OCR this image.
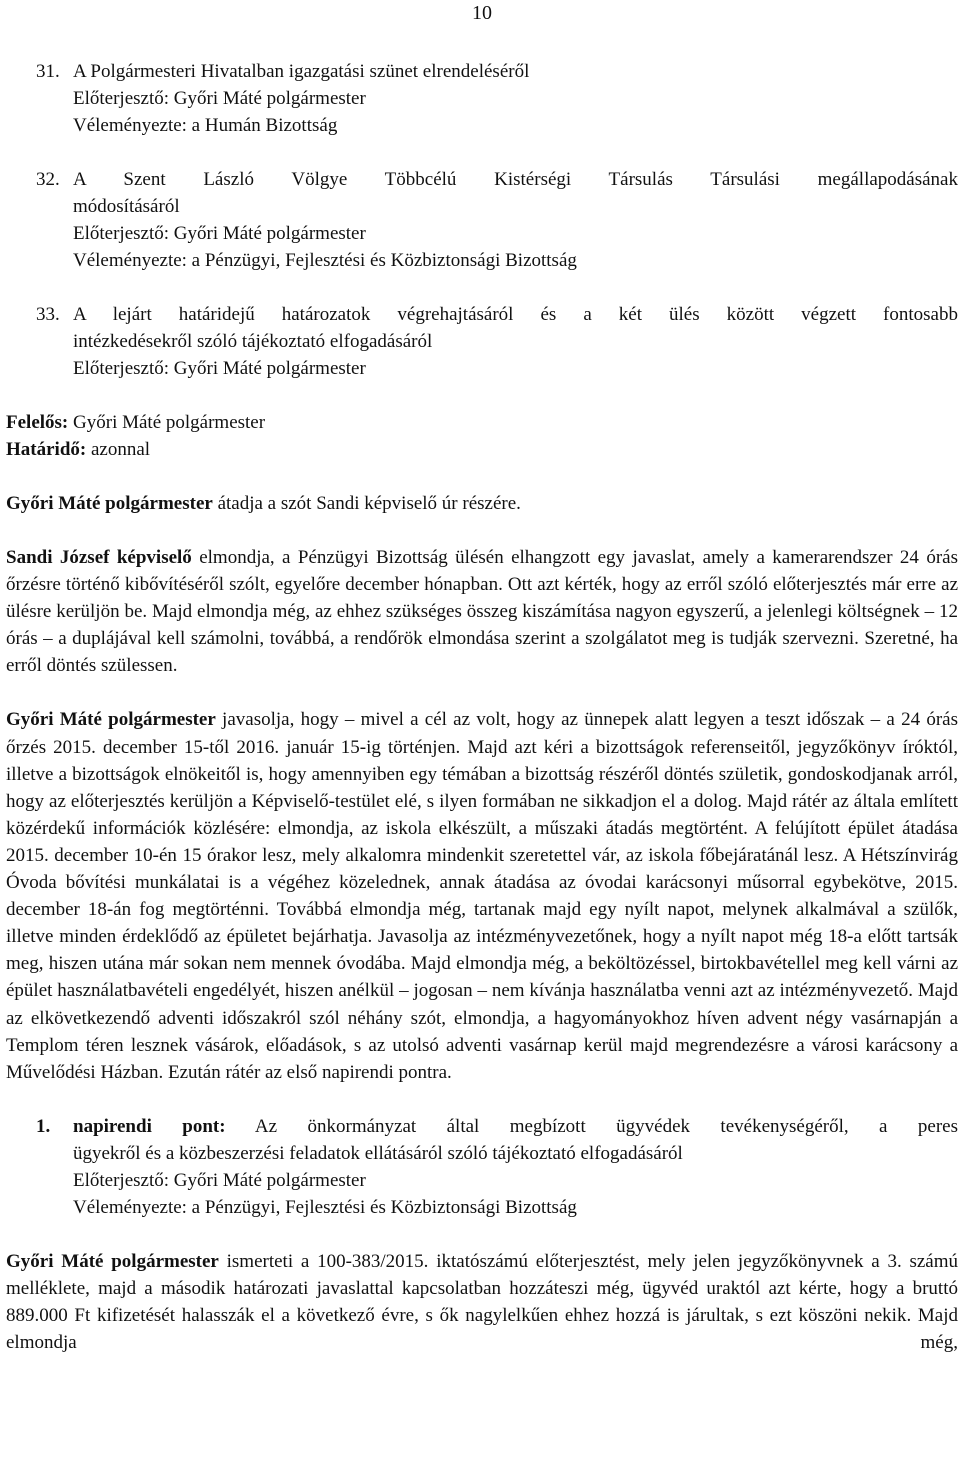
10
31. A Polgármesteri Hivatalban igazgatási szünet elrendeléséről
Előterjesztő: Győri Máté polgármester
Véleményezte: a Humán Bizottság
32. A Szent László Völgye Többcélú Kistérségi Társulás Társulási megállapodásának
módosításáról
Előterjesztő: Győri Máté polgármester
Véleményezte: a Pénzügyi, Fejlesztési és Közbiztonsági Bizottság
33. A lejárt határidejű határozatok végrehajtásáról és a két ülés között végzett fontosabb
intézkedésekről szóló tájékoztató elfogadásáról
Előterjesztő: Győri Máté polgármester
Felelős: Győri Máté polgármester
Határidő: azonnal
Győri Máté polgármester átadja a szót Sandi képviselő úr részére.
Sandi József képviselő elmondja, a Pénzügyi Bizottság ülésén elhangzott egy javaslat, amely a kamerarendszer 24 órás őrzésre történő kibővítéséről szólt, egyelőre december hónapban. Ott azt kérték, hogy az erről szóló előterjesztés már erre az ülésre kerüljön be. Majd elmondja még, az ehhez szükséges összeg kiszámítása nagyon egyszerű, a jelenlegi költségnek – 12 órás – a duplájával kell számolni, továbbá, a rendőrök elmondása szerint a szolgálatot meg is tudják szervezni. Szeretné, ha erről döntés szülessen.
Győri Máté polgármester javasolja, hogy – mivel a cél az volt, hogy az ünnepek alatt legyen a teszt időszak – a 24 órás őrzés 2015. december 15-től 2016. január 15-ig történjen. Majd azt kéri a bizottságok referenseitől, jegyzőkönyv íróktól, illetve a bizottságok elnökeitől is, hogy amennyiben egy témában a bizottság részéről döntés születik, gondoskodjanak arról, hogy az előterjesztés kerüljön a Képviselő-testület elé, s ilyen formában ne sikkadjon el a dolog. Majd rátér az általa említett közérdekű információk közlésére: elmondja, az iskola elkészült, a műszaki átadás megtörtént. A felújított épület átadása 2015. december 10-én 15 órakor lesz, mely alkalomra mindenkit szeretettel vár, az iskola főbejáratánál lesz. A Hétszínvirág Óvoda bővítési munkálatai is a végéhez közelednek, annak átadása az óvodai karácsonyi műsorral egybekötve, 2015. december 18-án fog megtörténni. Továbbá elmondja még, tartanak majd egy nyílt napot, melynek alkalmával a szülők, illetve minden érdeklődő az épületet bejárhatja. Javasolja az intézményvezetőnek, hogy a nyílt napot még 18-a előtt tartsák meg, hiszen utána már sokan nem mennek óvodába. Majd elmondja még, a beköltözéssel, birtokbavétellel meg kell várni az épület használatbavételi engedélyét, hiszen anélkül – jogosan – nem kívánja használatba venni azt az intézményvezető. Majd az elkövetkezendő adventi időszakról szól néhány szót, elmondja, a hagyományokhoz híven advent négy vasárnapján a Templom téren lesznek vásárok, előadások, s az utolsó adventi vasárnap kerül majd megrendezésre a városi karácsony a Művelődési Házban. Ezután rátér az első napirendi pontra.
1.	napirendi pont: Az önkormányzat által megbízott ügyvédek tevékenységéről, a peres
ügyekről és a közbeszerzési feladatok ellátásáról szóló tájékoztató elfogadásáról
Előterjesztő: Győri Máté polgármester
Véleményezte: a Pénzügyi, Fejlesztési és Közbiztonsági Bizottság
Győri Máté polgármester ismerteti a 100-383/2015. iktatószámú előterjesztést, mely jelen jegyzőkönyvnek a 3. számú melléklete, majd a második határozati javaslattal kapcsolatban hozzáteszi még, ügyvéd uraktól azt kérte, hogy a bruttó 889.000 Ft kifizetését halasszák el a következő évre, s ők nagylelkűen ehhez hozzá is járultak, s ezt köszöni nekik. Majd elmondja még,
